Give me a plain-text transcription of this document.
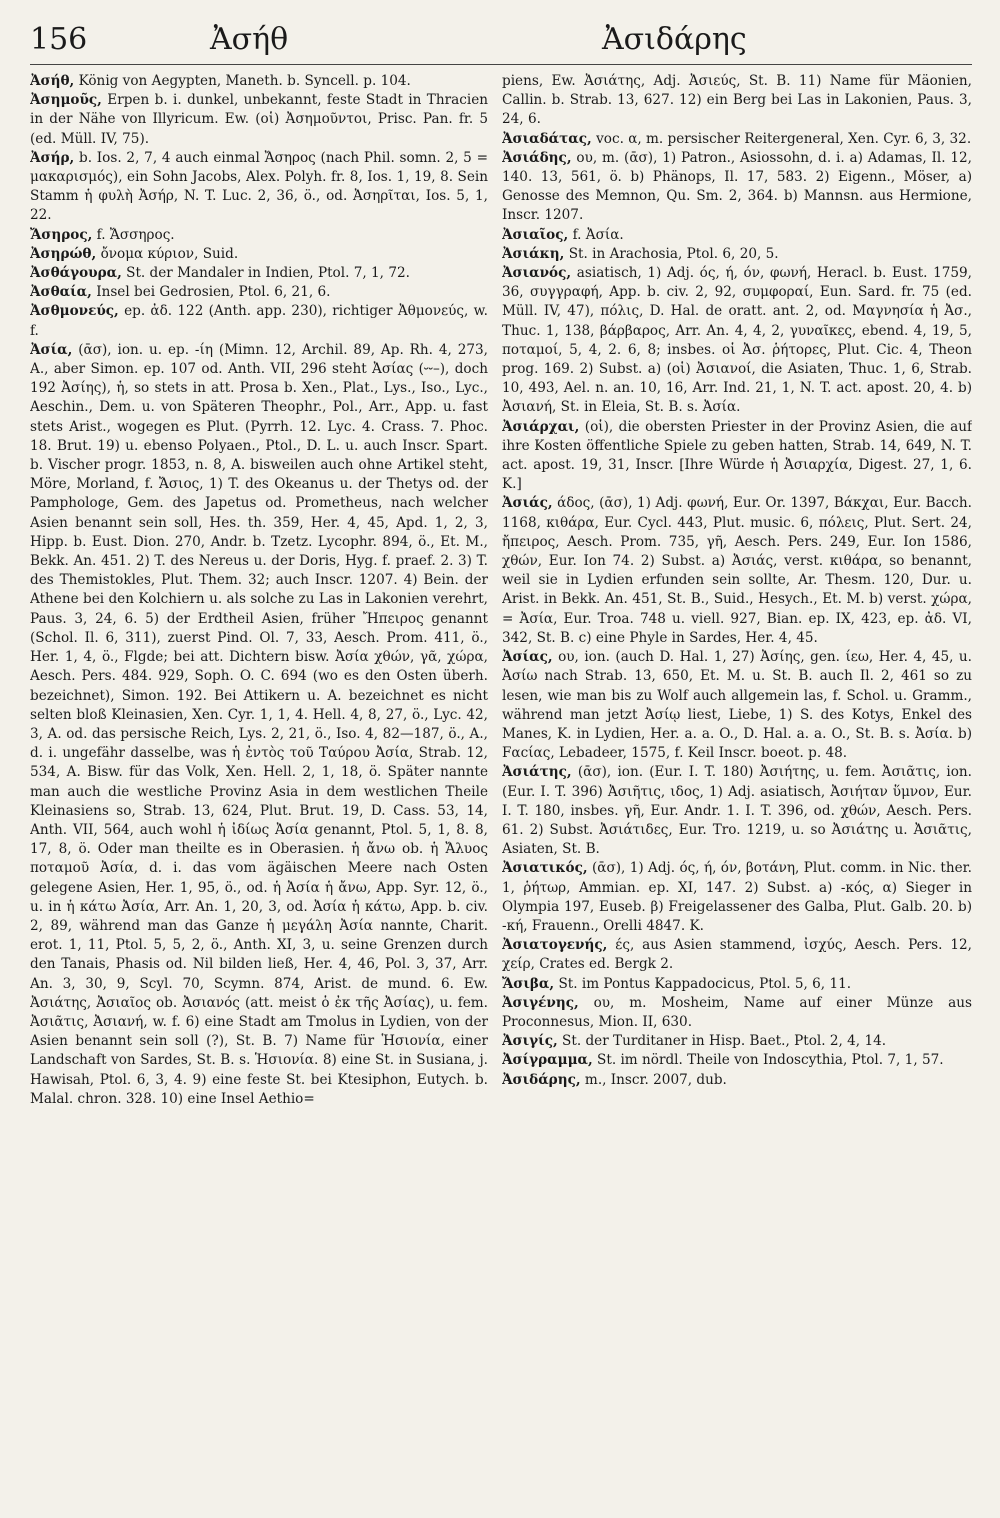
156	Ἀσήθ	Ἀσιδάρης

Ἀσήθ, König von Aegypten, Maneth. b. Syncell. p. 104.

Ἀσημοῦς, Erpen b. i. dunkel, unbekannt, feste Stadt in Thracien in der Nähe von Illyricum. Ew. (οἱ) Ἀσημοῦντοι, Prisc. Pan. fr. 5 (ed. Müll. IV, 75).

Ἀσήρ, b. Ios. 2, 7, 4 auch einmal Ἄσηρος (nach Phil. somn. 2, 5 = μακαρισμός), ein Sohn Jacobs, Alex. Polyh. fr. 8, Ios. 1, 19, 8. Sein Stamm ἡ φυλὴ Ἀσήρ, N. T. Luc. 2, 36, ö., od. Ἀσηρῖται, Ios. 5, 1, 22.

Ἄσηρος, f. Ἄσσηρος.

Ἀσηρώθ, ὄνομα κύριον, Suid.

Ἀσθάγουρα, St. der Mandaler in Indien, Ptol. 7, 1, 72.

Ἀσθαία, Insel bei Gedrosien, Ptol. 6, 21, 6.

Ἀσθμονεύς, ep. ἀδ. 122 (Anth. app. 230), richtiger Ἀθμονεύς, w. f.

Ἀσία, (ᾱσ), ion. u. ep. -ίη (Mimn. 12, Archil. 89, Ap. Rh. 4, 273, A., aber Simon. ep. 107 od. Anth. VII, 296 steht Ἀσίας (⏑⏑–), doch 192 Ἀσίης), ἡ, so stets in att. Prosa b. Xen., Plat., Lys., Iso., Lyc., Aeschin., Dem. u. von Späteren Theophr., Pol., Arr., App. u. fast stets Arist., wogegen es Plut. (Pyrrh. 12. Lyc. 4. Crass. 7. Phoc. 18. Brut. 19) u. ebenso Polyaen., Ptol., D. L. u. auch Inscr. Spart. b. Vischer progr. 1853, n. 8, A. bisweilen auch ohne Artikel steht, Möre, Morland, f. Ἄσιος, 1) T. des Okeanus u. der Thetys od. der Pamphologe, Gem. des Japetus od. Prometheus, nach welcher Asien benannt sein soll, Hes. th. 359, Her. 4, 45, Apd. 1, 2, 3, Hipp. b. Eust. Dion. 270, Andr. b. Tzetz. Lycophr. 894, ö., Et. M., Bekk. An. 451. 2) T. des Nereus u. der Doris, Hyg. f. praef. 2. 3) T. des Themistokles, Plut. Them. 32; auch Inscr. 1207. 4) Bein. der Athene bei den Kolchiern u. als solche zu Las in Lakonien verehrt, Paus. 3, 24, 6. 5) der Erdtheil Asien, früher Ἤπειρος genannt (Schol. Il. 6, 311), zuerst Pind. Ol. 7, 33, Aesch. Prom. 411, ö., Her. 1, 4, ö., Flgde; bei att. Dichtern bisw. Ἀσία χθών, γᾶ, χώρα, Aesch. Pers. 484. 929, Soph. O. C. 694 (wo es den Osten überh. bezeichnet), Simon. 192. Bei Attikern u. A. bezeichnet es nicht selten bloß Kleinasien, Xen. Cyr. 1, 1, 4. Hell. 4, 8, 27, ö., Lyc. 42, 3, A. od. das persische Reich, Lys. 2, 21, ö., Iso. 4, 82—187, ö., A., d. i. ungefähr dasselbe, was ἡ ἐντὸς τοῦ Ταύρου Ἀσία, Strab. 12, 534, A. Bisw. für das Volk, Xen. Hell. 2, 1, 18, ö. Später nannte man auch die westliche Provinz Asia in dem westlichen Theile Kleinasiens so, Strab. 13, 624, Plut. Brut. 19, D. Cass. 53, 14, Anth. VII, 564, auch wohl ἡ ἰδίως Ἀσία genannt, Ptol. 5, 1, 8. 8, 17, 8, ö. Oder man theilte es in Oberasien. ἡ ἄνω ob. ἡ Ἄλυος ποταμοῦ Ἀσία, d. i. das vom ägäischen Meere nach Osten gelegene Asien, Her. 1, 95, ö., od. ἡ Ἀσία ἡ ἄνω, App. Syr. 12, ö., u. in ἡ κάτω Ἀσία, Arr. An. 1, 20, 3, od. Ἀσία ἡ κάτω, App. b. civ. 2, 89, während man das Ganze ἡ μεγάλη Ἀσία nannte, Charit. erot. 1, 11, Ptol. 5, 5, 2, ö., Anth. XI, 3, u. seine Grenzen durch den Tanais, Phasis od. Nil bilden ließ, Her. 4, 46, Pol. 3, 37, Arr. An. 3, 30, 9, Scyl. 70, Scymn. 874, Arist. de mund. 6. Ew. Ἀσιάτης, Ἀσιαῖος ob. Ἀσιανός (att. meist ὁ ἐκ τῆς Ἀσίας), u. fem. Ἀσιᾶτις, Ἀσιανή, w. f. 6) eine Stadt am Tmolus in Lydien, von der Asien benannt sein soll (?), St. B. 7) Name für Ἡσιονία, einer Landschaft von Sardes, St. B. s. Ἡσιονία. 8) eine St. in Susiana, j. Hawisah, Ptol. 6, 3, 4. 9) eine feste St. bei Ktesiphon, Eutych. b. Malal. chron. 328. 10) eine Insel Aethio=

piens, Ew. Ἀσιάτης, Adj. Ἀσιεύς, St. B. 11) Name für Mäonien, Callin. b. Strab. 13, 627. 12) ein Berg bei Las in Lakonien, Paus. 3, 24, 6.

Ἀσιαδάτας, voc. α, m. persischer Reitergeneral, Xen. Cyr. 6, 3, 32.

Ἀσιάδης, ου, m. (ᾱσ), 1) Patron., Asiossohn, d. i. a) Adamas, Il. 12, 140. 13, 561, ö. b) Phänops, Il. 17, 583. 2) Eigenn., Möser, a) Genosse des Memnon, Qu. Sm. 2, 364. b) Mannsn. aus Hermione, Inscr. 1207.

Ἀσιαῖος, f. Ἀσία.

Ἀσιάκη, St. in Arachosia, Ptol. 6, 20, 5.

Ἀσιανός, asiatisch, 1) Adj. ός, ή, όν, φωνή, Heracl. b. Eust. 1759, 36, συγγραφή, App. b. civ. 2, 92, συμφοραί, Eun. Sard. fr. 75 (ed. Müll. IV, 47), πόλις, D. Hal. de oratt. ant. 2, od. Μαγνησία ἡ Ἀσ., Thuc. 1, 138, βάρβαρος, Arr. An. 4, 4, 2, γυναῖκες, ebend. 4, 19, 5, ποταμοί, 5, 4, 2. 6, 8; insbes. οἱ Ἀσ. ῥήτορες, Plut. Cic. 4, Theon prog. 169. 2) Subst. a) (οἱ) Ἀσιανοί, die Asiaten, Thuc. 1, 6, Strab. 10, 493, Ael. n. an. 10, 16, Arr. Ind. 21, 1, N. T. act. apost. 20, 4. b) Ἀσιανή, St. in Eleia, St. B. s. Ἀσία.

Ἀσιάρχαι, (οἱ), die obersten Priester in der Provinz Asien, die auf ihre Kosten öffentliche Spiele zu geben hatten, Strab. 14, 649, N. T. act. apost. 19, 31, Inscr. [Ihre Würde ἡ Ἀσιαρχία, Digest. 27, 1, 6. K.]

Ἀσιάς, άδος, (ᾱσ), 1) Adj. φωνή, Eur. Or. 1397, Βάκχαι, Eur. Bacch. 1168, κιθάρα, Eur. Cycl. 443, Plut. music. 6, πόλεις, Plut. Sert. 24, ἤπειρος, Aesch. Prom. 735, γῆ, Aesch. Pers. 249, Eur. Ion 1586, χθών, Eur. Ion 74. 2) Subst. a) Ἀσιάς, verst. κιθάρα, so benannt, weil sie in Lydien erfunden sein sollte, Ar. Thesm. 120, Dur. u. Arist. in Bekk. An. 451, St. B., Suid., Hesych., Et. M. b) verst. χώρα, = Ἀσία, Eur. Troa. 748 u. viell. 927, Bian. ep. IX, 423, ep. ἀδ. VI, 342, St. B. c) eine Phyle in Sardes, Her. 4, 45.

Ἀσίας, ου, ion. (auch D. Hal. 1, 27) Ἀσίης, gen. ίεω, Her. 4, 45, u. Ἀσίω nach Strab. 13, 650, Et. M. u. St. B. auch Il. 2, 461 so zu lesen, wie man bis zu Wolf auch allgemein las, f. Schol. u. Gramm., während man jetzt Ἀσίῳ liest, Liebe, 1) S. des Kotys, Enkel des Manes, K. in Lydien, Her. a. a. O., D. Hal. a. a. O., St. B. s. Ἀσία. b) Fαcίας, Lebadeer, 1575, f. Keil Inscr. boeot. p. 48.

Ἀσιάτης, (ᾱσ), ion. (Eur. I. T. 180) Ἀσιήτης, u. fem. Ἀσιᾶτις, ion. (Eur. I. T. 396) Ἀσιῆτις, ιδος, 1) Adj. asiatisch, Ἀσιήταν ὕμνον, Eur. I. T. 180, insbes. γῆ, Eur. Andr. 1. I. T. 396, od. χθών, Aesch. Pers. 61. 2) Subst. Ἀσιάτιδες, Eur. Tro. 1219, u. so Ἀσιάτης u. Ἀσιᾶτις, Asiaten, St. B.

Ἀσιατικός, (ᾱσ), 1) Adj. ός, ή, όν, βοτάνη, Plut. comm. in Nic. ther. 1, ῥήτωρ, Ammian. ep. XI, 147. 2) Subst. a) -κός, α) Sieger in Olympia 197, Euseb. β) Freigelassener des Galba, Plut. Galb. 20. b) -κή, Frauenn., Orelli 4847. K.

Ἀσιατογενής, ές, aus Asien stammend, ἰσχύς, Aesch. Pers. 12, χείρ, Crates ed. Bergk 2.

Ἄσιβα, St. im Pontus Kappadocicus, Ptol. 5, 6, 11.

Ἀσιγένης, ου, m. Mosheim, Name auf einer Münze aus Proconnesus, Mion. II, 630.

Ἀσιγίς, St. der Turditaner in Hisp. Baet., Ptol. 2, 4, 14.

Ἀσίγραμμα, St. im nördl. Theile von Indoscythia, Ptol. 7, 1, 57.

Ἀσιδάρης, m., Inscr. 2007, dub.
